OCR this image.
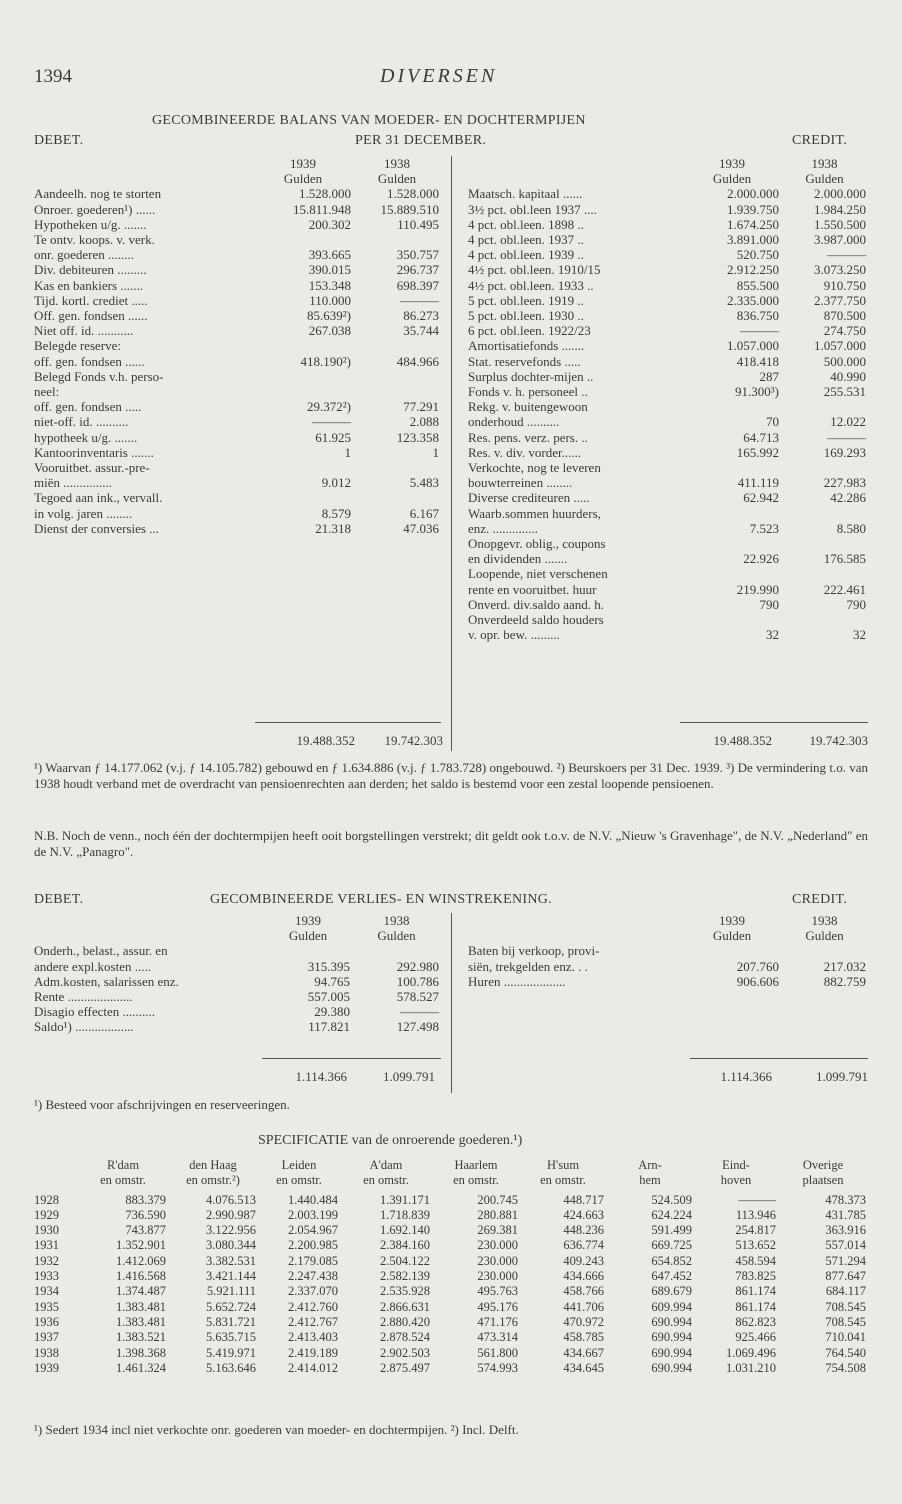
1394	DIVERSEN
GECOMBINEERDE BALANS VAN MOEDER- EN DOCHTERMPIJEN
DEBET.	PER 31 DECEMBER.	CREDIT.
	1939	1938
	Gulden	Gulden
Aandeelh. nog te storten	1.528.000	1.528.000
Onroer. goederen¹) ......	15.811.948	15.889.510
Hypotheken u/g. .......	200.302	110.495
Te ontv. koops. v. verk.		
onr. goederen ........	393.665	350.757
Div. debiteuren .........	390.015	296.737
Kas en bankiers .......	153.348	698.397
Tijd. kortl. crediet .....	110.000	———
Off. gen. fondsen ......	85.639²)	86.273
Niet off. id. ...........	267.038	35.744
Belegde reserve:		
off. gen. fondsen ......	418.190²)	484.966
Belegd Fonds v.h. perso-		
neel:		
off. gen. fondsen .....	29.372²)	77.291
niet-off. id. ..........	———	2.088
hypotheek u/g. .......	61.925	123.358
Kantoorinventaris .......	1	1
Vooruitbet. assur.-pre-		
miën ...............	9.012	5.483
Tegoed aan ink., vervall.		
in volg. jaren ........	8.579	6.167
Dienst der conversies ...	21.318	47.036
	1939	1938
	Gulden	Gulden
Maatsch. kapitaal ......	2.000.000	2.000.000
3½ pct. obl.leen 1937 ....	1.939.750	1.984.250
4 pct. obl.leen. 1898 ..	1.674.250	1.550.500
4 pct. obl.leen. 1937 ..	3.891.000	3.987.000
4 pct. obl.leen. 1939 ..	520.750	———
4½ pct. obl.leen. 1910/15	2.912.250	3.073.250
4½ pct. obl.leen. 1933 ..	855.500	910.750
5 pct. obl.leen. 1919 ..	2.335.000	2.377.750
5 pct. obl.leen. 1930 ..	836.750	870.500
6 pct. obl.leen. 1922/23	———	274.750
Amortisatiefonds .......	1.057.000	1.057.000
Stat. reservefonds .....	418.418	500.000
Surplus dochter-mijen ..	287	40.990
Fonds v. h. personeel ..	91.300³)	255.531
Rekg. v. buitengewoon		
onderhoud ..........	70	12.022
Res. pens. verz. pers. ..	64.713	———
Res. v. div. vorder......	165.992	169.293
Verkochte, nog te leveren		
bouwterreinen ........	411.119	227.983
Diverse crediteuren .....	62.942	42.286
Waarb.sommen huurders,		
enz. ..............	7.523	8.580
Onopgevr. oblig., coupons		
en dividenden .......	22.926	176.585
Loopende, niet verschenen		
rente en vooruitbet. huur	219.990	222.461
Onverd. div.saldo aand. h.	790	790
Onverdeeld saldo houders		
v. opr. bew. .........	32	32
19.488.352	19.742.303	19.488.352	19.742.303
¹) Waarvan ƒ 14.177.062 (v.j. ƒ 14.105.782) gebouwd en ƒ 1.634.886 (v.j. ƒ 1.783.728) ongebouwd. ²) Beurskoers per 31 Dec. 1939. ³) De vermindering t.o. van 1938 houdt verband met de overdracht van pensioenrechten aan derden; het saldo is bestemd voor een zestal loopende pensioenen.
N.B. Noch de venn., noch één der dochtermpijen heeft ooit borgstellingen verstrekt; dit geldt ook t.o.v. de N.V. „Nieuw 's Gravenhage", de N.V. „Nederland" en de N.V. „Panagro".
DEBET.	GECOMBINEERDE VERLIES- EN WINSTREKENING.	CREDIT.
	1939	1938
	Gulden	Gulden
Onderh., belast., assur. en		
andere expl.kosten .....	315.395	292.980
Adm.kosten, salarissen enz.	94.765	100.786
Rente ....................	557.005	578.527
Disagio effecten ..........	29.380	———
Saldo¹) ..................	117.821	127.498
	1939	1938
	Gulden	Gulden

Baten bij verkoop, provi-		
siën, trekgelden enz. . .	207.760	217.032
Huren ...................	906.606	882.759
1.114.366	1.099.791	1.114.366	1.099.791
¹) Besteed voor afschrijvingen en reserveeringen.
SPECIFICATIE van de onroerende goederen.¹)
	R'dam	den Haag	Leiden	A'dam	Haarlem	H'sum	Arn-	Eind-	Overige
	en omstr.	en omstr.²)	en omstr.	en omstr.	en omstr.	en omstr.	hem	hoven	plaatsen

1928	883.379	4.076.513	1.440.484	1.391.171	200.745	448.717	524.509	———	478.373
1929	736.590	2.990.987	2.003.199	1.718.839	280.881	424.663	624.224	113.946	431.785
1930	743.877	3.122.956	2.054.967	1.692.140	269.381	448.236	591.499	254.817	363.916
1931	1.352.901	3.080.344	2.200.985	2.384.160	230.000	636.774	669.725	513.652	557.014
1932	1.412.069	3.382.531	2.179.085	2.504.122	230.000	409.243	654.852	458.594	571.294
1933	1.416.568	3.421.144	2.247.438	2.582.139	230.000	434.666	647.452	783.825	877.647
1934	1.374.487	5.921.111	2.337.070	2.535.928	495.763	458.766	689.679	861.174	684.117
1935	1.383.481	5.652.724	2.412.760	2.866.631	495.176	441.706	609.994	861.174	708.545
1936	1.383.481	5.831.721	2.412.767	2.880.420	471.176	470.972	690.994	862.823	708.545
1937	1.383.521	5.635.715	2.413.403	2.878.524	473.314	458.785	690.994	925.466	710.041
1938	1.398.368	5.419.971	2.419.189	2.902.503	561.800	434.667	690.994	1.069.496	764.540
1939	1.461.324	5.163.646	2.414.012	2.875.497	574.993	434.645	690.994	1.031.210	754.508
¹) Sedert 1934 incl niet verkochte onr. goederen van moeder- en dochtermpijen. ²) Incl. Delft.
